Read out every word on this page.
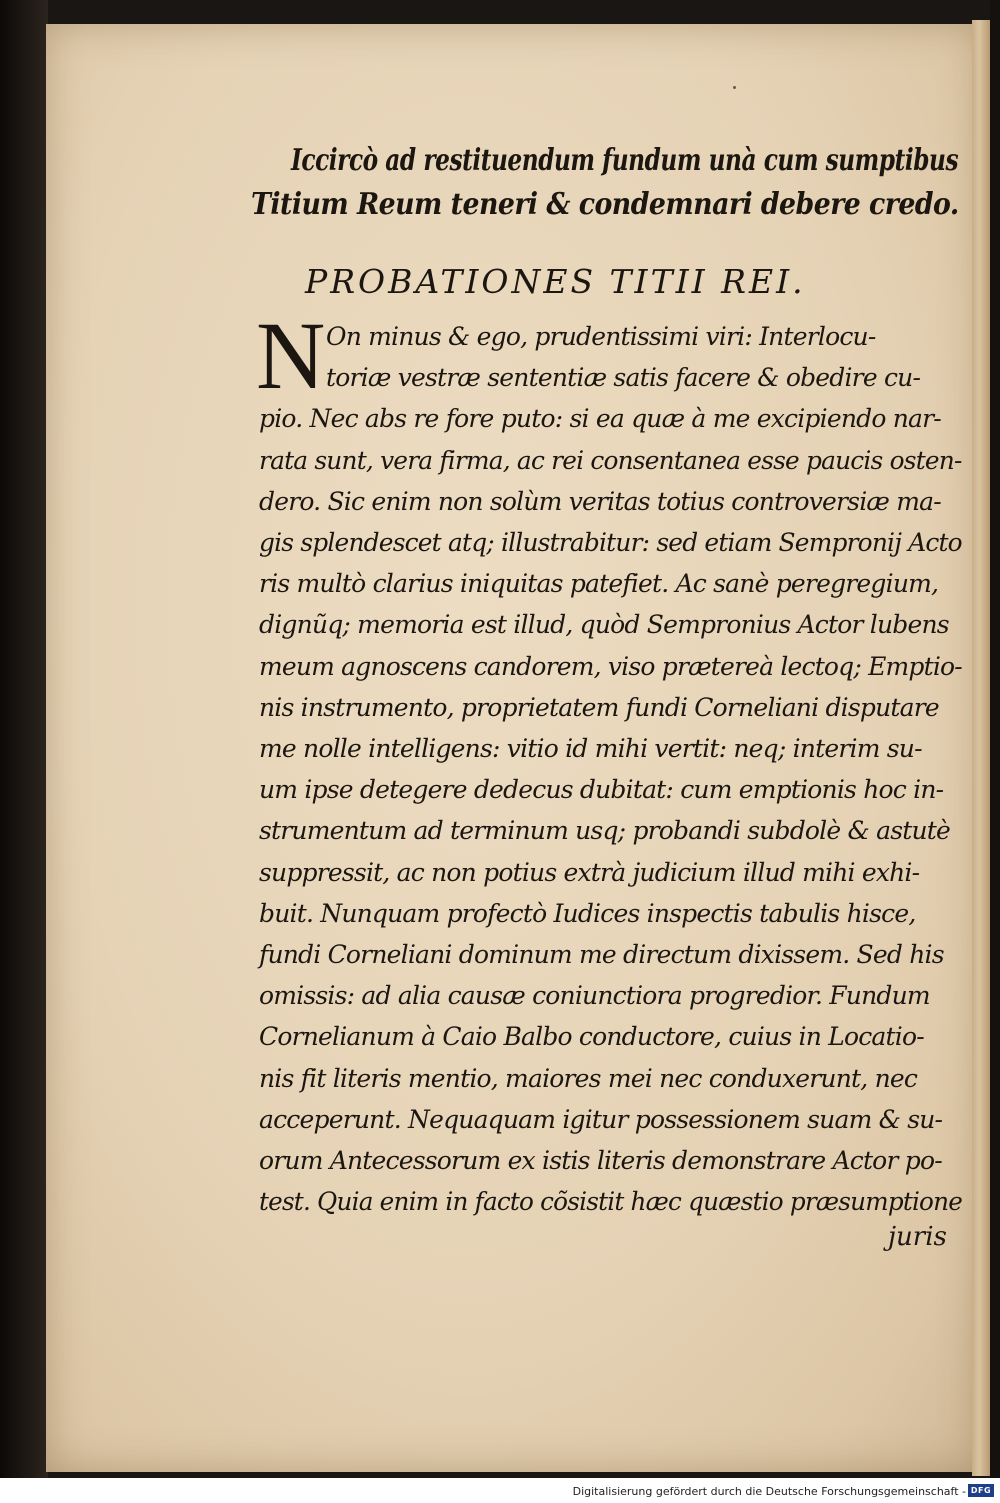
Iccircò ad restituendum fundum unà cum sumptibus
Titium Reum teneri & condemnari debere credo.
PROBATIONES TITII REI.
N On minus & ego, prudentissimi viri: Interlocu-
toriæ vestræ sententiæ satis facere & obedire cu-
pio. Nec abs re fore puto: si ea quæ à me excipiendo nar-
rata sunt, vera firma, ac rei consentanea esse paucis osten-
dero. Sic enim non solùm veritas totius controversiæ ma-
gis splendescet atq; illustrabitur: sed etiam Sempronij Acto
ris multò clarius iniquitas patefiet. Ac sanè peregregium,
dignũq; memoria est illud, quòd Sempronius Actor lubens
meum agnoscens candorem, viso prætereà lectoq; Emptio-
nis instrumento, proprietatem fundi Corneliani disputare
me nolle intelligens: vitio id mihi vertit: neq; interim su-
um ipse detegere dedecus dubitat: cum emptionis hoc in-
strumentum ad terminum usq; probandi subdolè & astutè
suppressit, ac non potius extrà judicium illud mihi exhi-
buit. Nunquam profectò Iudices inspectis tabulis hisce,
fundi Corneliani dominum me directum dixissem. Sed his
omissis: ad alia causæ coniunctiora progredior. Fundum
Cornelianum à Caio Balbo conductore, cuius in Locatio-
nis fit literis mentio, maiores mei nec conduxerunt, nec
acceperunt. Nequaquam igitur possessionem suam & su-
orum Antecessorum ex istis literis demonstrare Actor po-
test. Quia enim in facto cõsistit hæc quæstio præsumptione
juris
Digitalisierung gefördert durch die Deutsche Forschungsgemeinschaft - DFG
